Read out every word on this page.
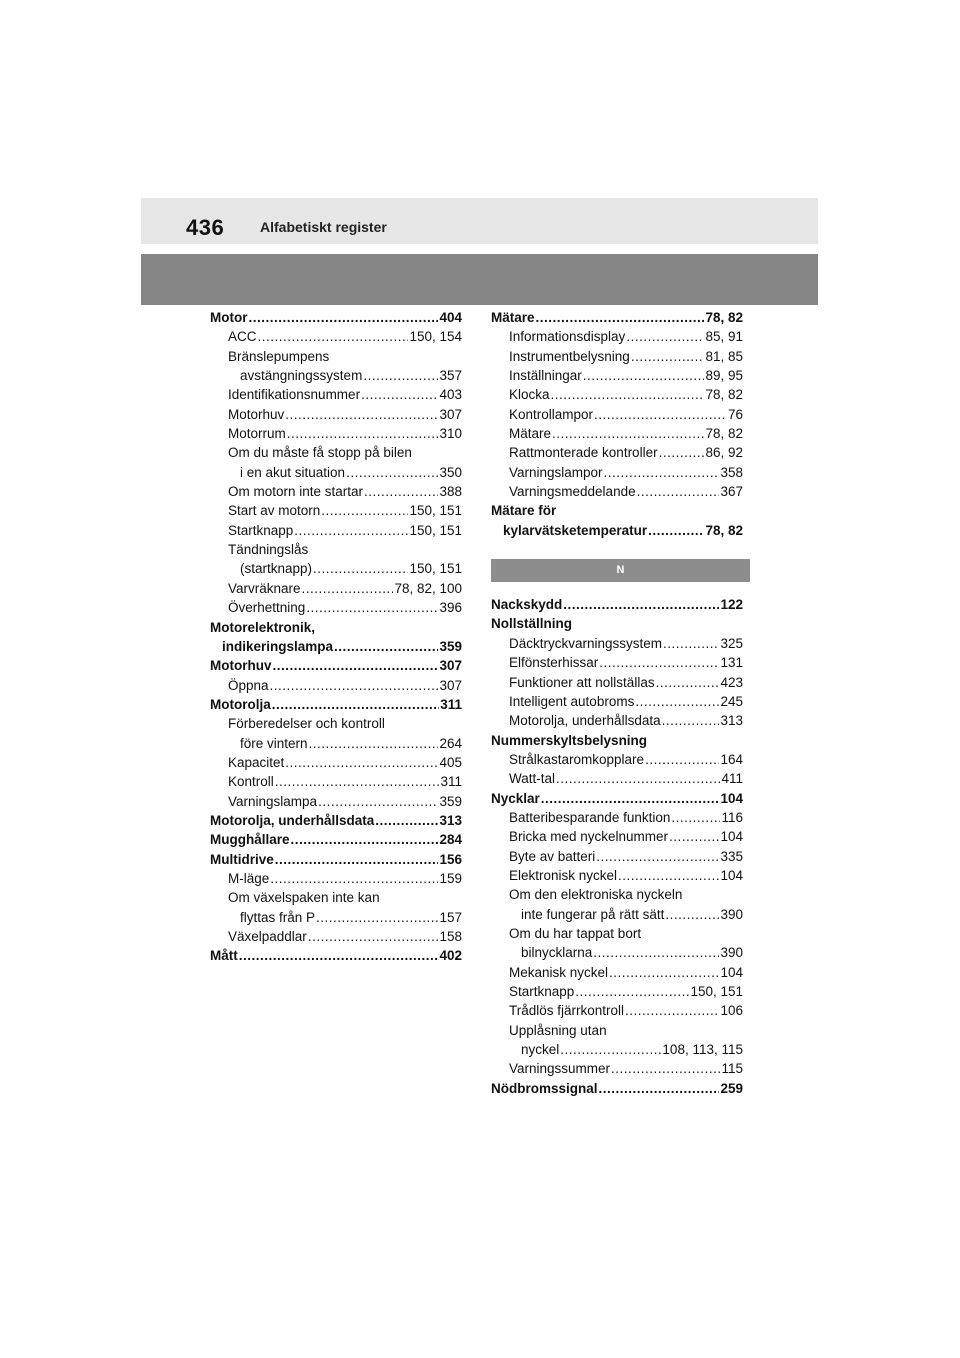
436	Alfabetiskt register
Motor .....	404
ACC .....	150, 154
Bränslepumpens
avstängningssystem .....	357
Identifikationsnummer .....	403
Motorhuv .....	307
Motorrum .....	310
Om du måste få stopp på bilen
i en akut situation .....	350
Om motorn inte startar .....	388
Start av motorn .....	150, 151
Startknapp .....	150, 151
Tändningslås
(startknapp) .....	150, 151
Varvräknare .....	78, 82, 100
Överhettning .....	396
Motorelektronik,
indikeringslampa .....	359
Motorhuv .....	307
Öppna .....	307
Motorolja .....	311
Förberedelser och kontroll
före vintern .....	264
Kapacitet .....	405
Kontroll .....	311
Varningslampa .....	359
Motorolja, underhållsdata .....	313
Mugghållare .....	284
Multidrive .....	156
M-läge .....	159
Om växelspaken inte kan
flyttas från P .....	157
Växelpaddlar .....	158
Mått .....	402
Mätare .....	78, 82
Informationsdisplay .....	85, 91
Instrumentbelysning .....	81, 85
Inställningar .....	89, 95
Klocka .....	78, 82
Kontrollampor .....	76
Mätare .....	78, 82
Rattmonterade kontroller .....	86, 92
Varningslampor .....	358
Varningsmeddelande .....	367
Mätare för
kylarvätsketemperatur .....	78, 82
N
Nackskydd .....	122
Nollställning
Däcktryckvarningssystem .....	325
Elfönsterhissar .....	131
Funktioner att nollställas .....	423
Intelligent autobroms .....	245
Motorolja, underhållsdata .....	313
Nummerskyltsbelysning
Strålkastaromkopplare .....	164
Watt-tal .....	411
Nycklar .....	104
Batteribesparande funktion .....	116
Bricka med nyckelnummer .....	104
Byte av batteri .....	335
Elektronisk nyckel .....	104
Om den elektroniska nyckeln
inte fungerar på rätt sätt .....	390
Om du har tappat bort
bilnycklarna .....	390
Mekanisk nyckel .....	104
Startknapp .....	150, 151
Trådlös fjärrkontroll .....	106
Upplåsning utan
nyckel .....	108, 113, 115
Varningssummer .....	115
Nödbromssignal .....	259
